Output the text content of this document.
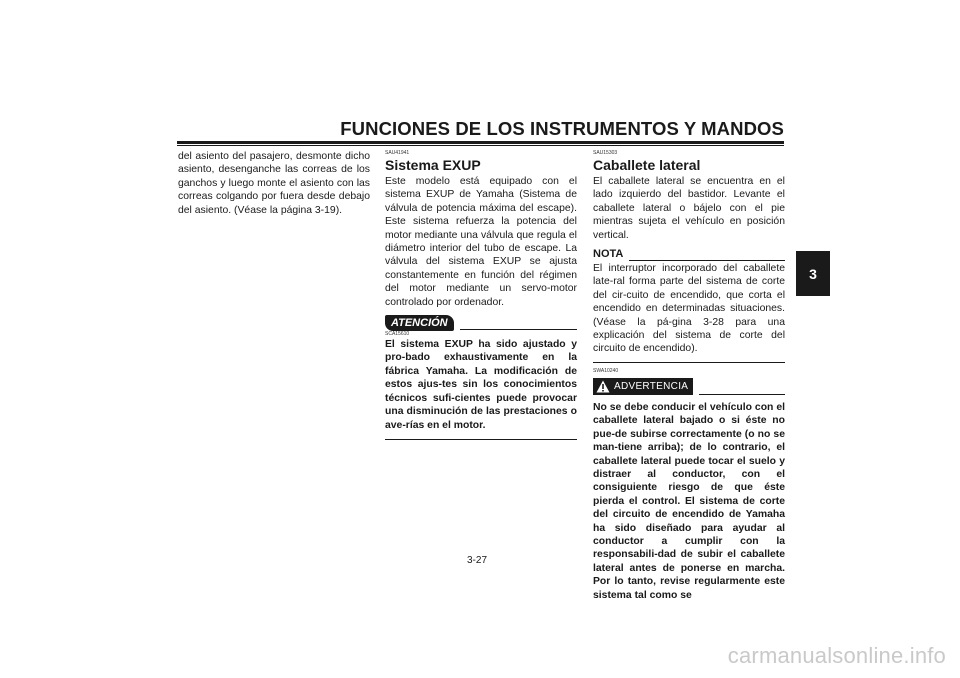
FUNCIONES DE LOS INSTRUMENTOS Y MANDOS
3

del asiento del pasajero, desmonte dicho asiento, desenganche las correas de los ganchos y luego monte el asiento con las correas colgando por fuera desde debajo del asiento. (Véase la página 3-19).

SAU41941

Sistema EXUP

Este modelo está equipado con el sistema EXUP de Yamaha (Sistema de válvula de potencia máxima del escape). Este sistema refuerza la potencia del motor mediante una válvula que regula el diámetro interior del tubo de escape. La válvula del sistema EXUP se ajusta constantemente en función del régimen del motor mediante un servo-motor controlado por ordenador.

ATENCIÓN

SCA15610

El sistema EXUP ha sido ajustado y pro-bado exhaustivamente en la fábrica Yamaha. La modificación de estos ajus-tes sin los conocimientos técnicos sufi-cientes puede provocar una disminución de las prestaciones o ave-rías en el motor.

SAU15303

Caballete lateral

El caballete lateral se encuentra en el lado izquierdo del bastidor. Levante el caballete lateral o bájelo con el pie mientras sujeta el vehículo en posición vertical.

NOTA

El interruptor incorporado del caballete late-ral forma parte del sistema de corte del cir-cuito de encendido, que corta el encendido en determinadas situaciones. (Véase la pá-gina 3-28 para una explicación del sistema de corte del circuito de encendido).

SWA10240

ADVERTENCIA

No se debe conducir el vehículo con el caballete lateral bajado o si éste no pue-de subirse correctamente (o no se man-tiene arriba); de lo contrario, el caballete lateral puede tocar el suelo y distraer al conductor, con el consiguiente riesgo de que éste pierda el control. El sistema de corte del circuito de encendido de Yamaha ha sido diseñado para ayudar al conductor a cumplir con la responsabili-dad de subir el caballete lateral antes de ponerse en marcha. Por lo tanto, revise regularmente este sistema tal como se

3-27
carmanualsonline.info
